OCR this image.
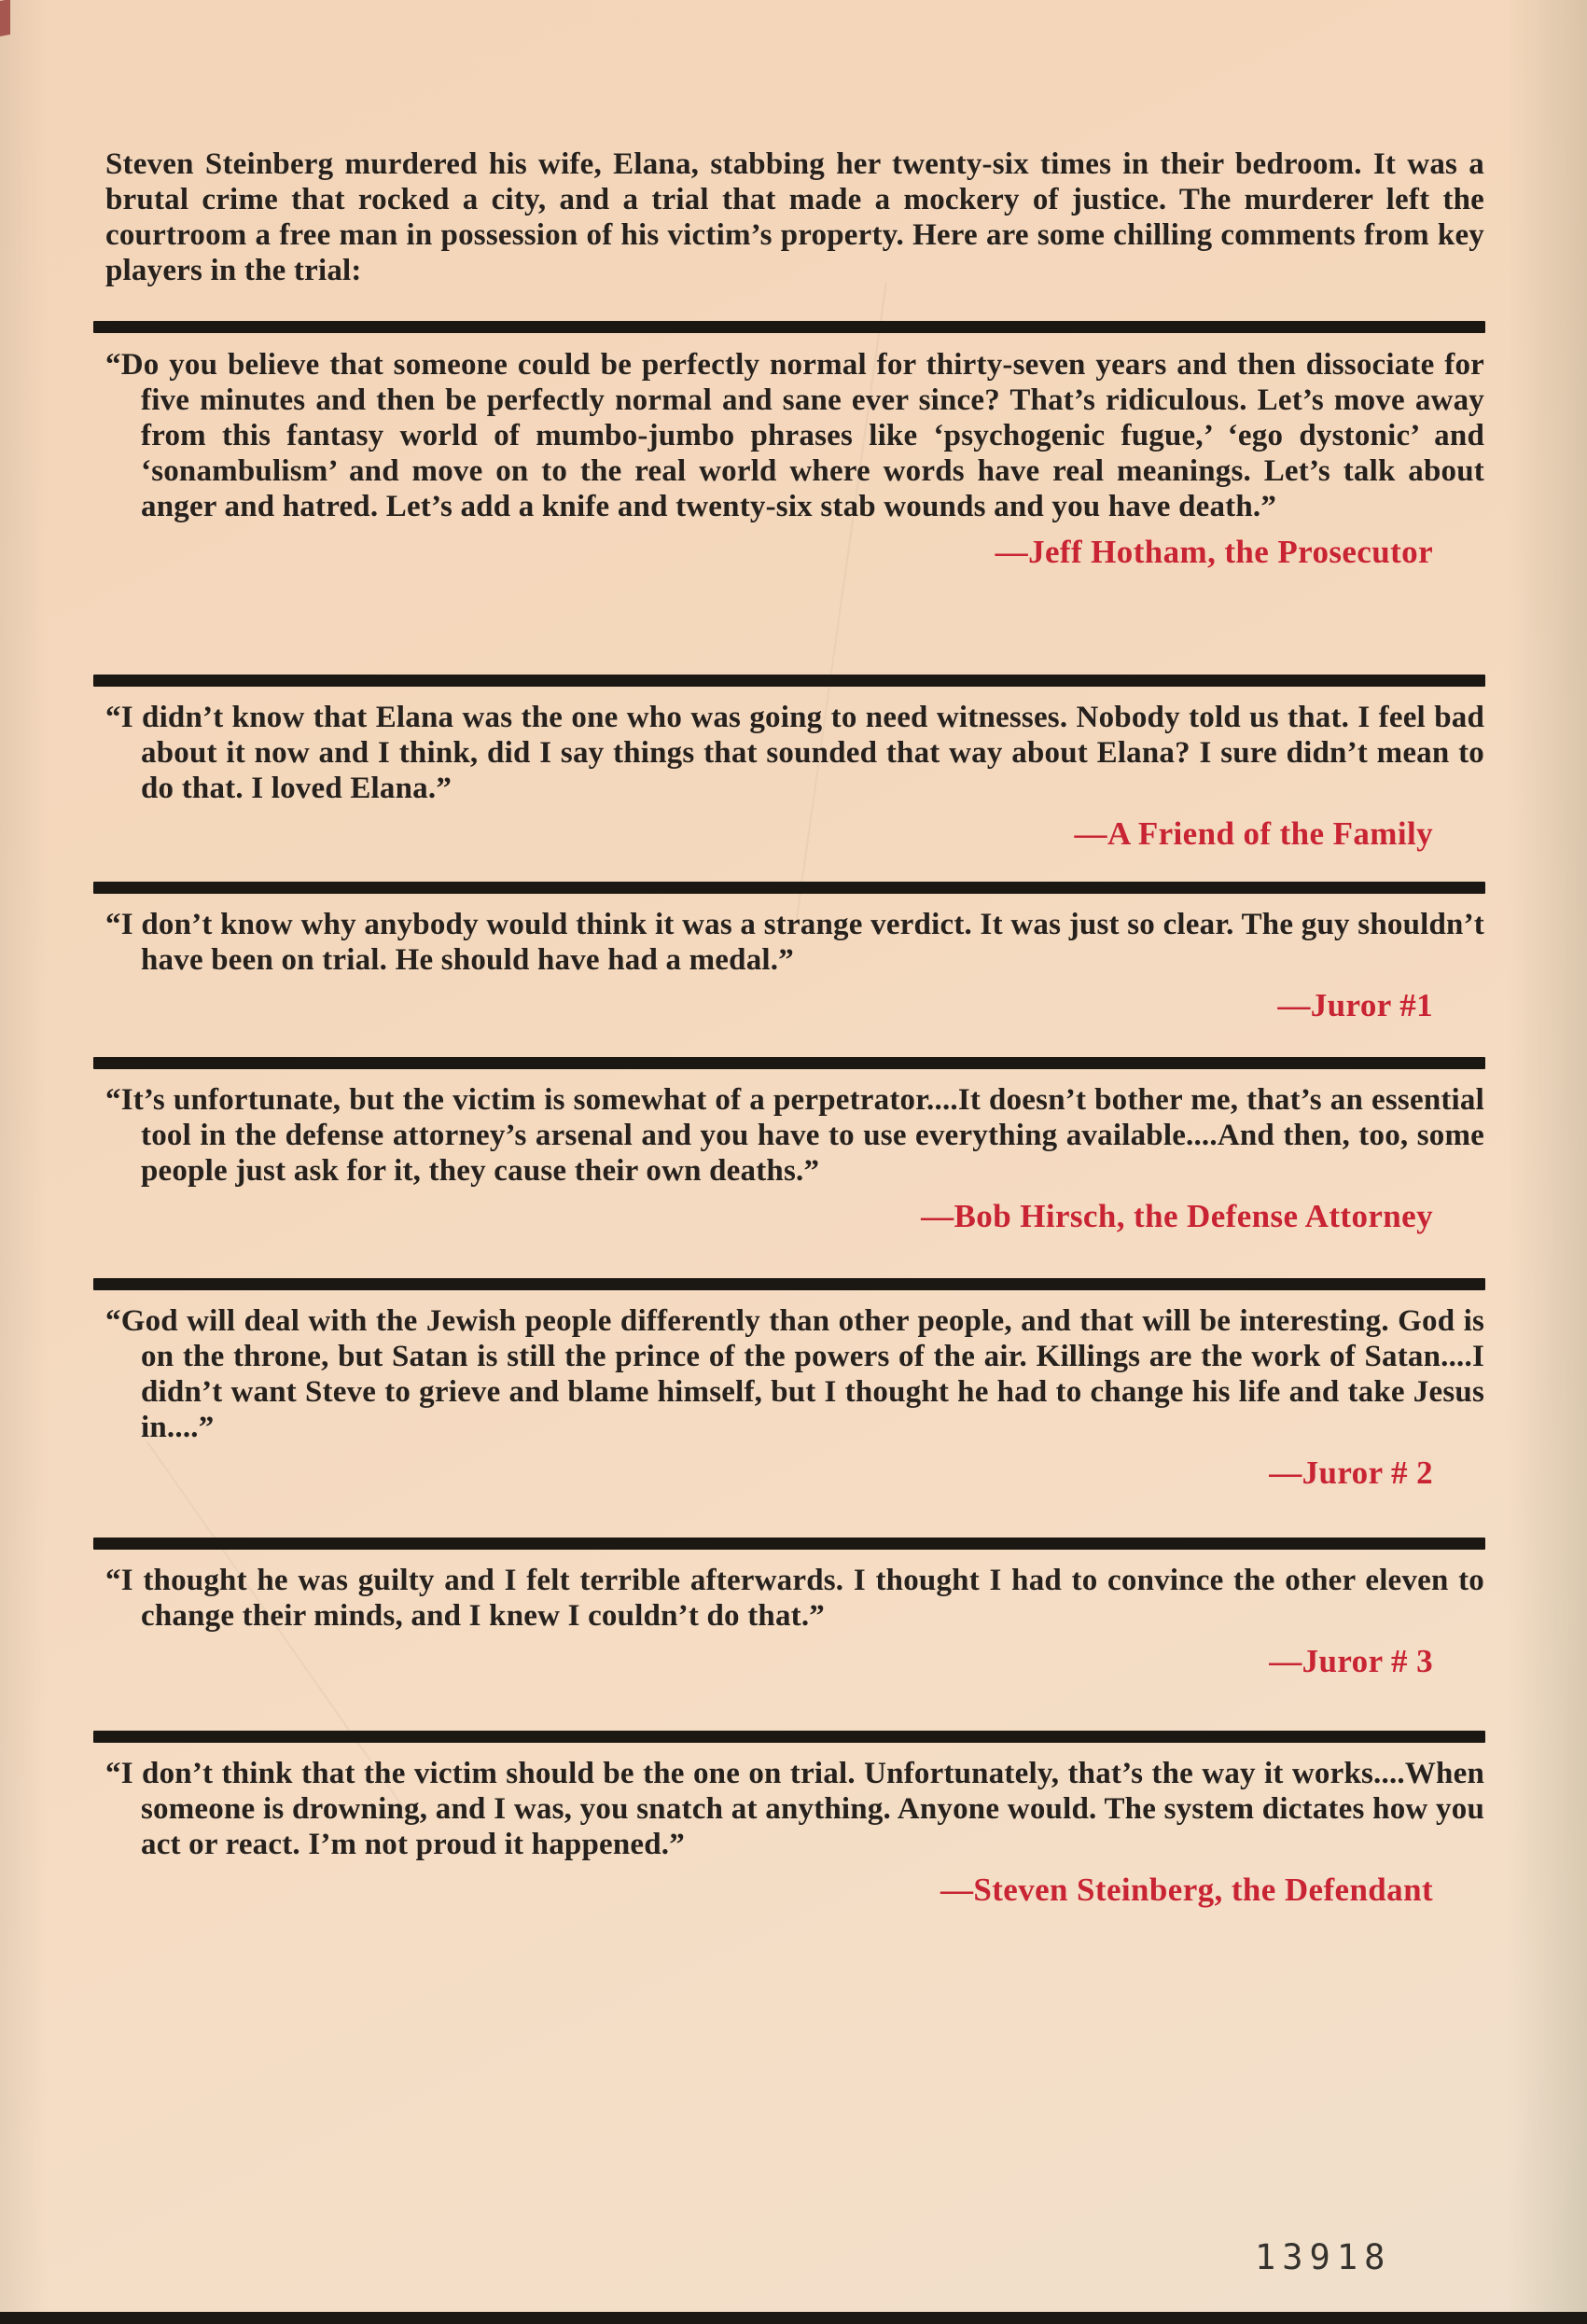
Steven Steinberg murdered his wife, Elana, stabbing her twenty-six times in their bedroom. It was a brutal crime that rocked a city, and a trial that made a mockery of justice. The murderer left the courtroom a free man in possession of his victim’s property. Here are some chilling comments from key players in the trial:

“Do you believe that someone could be perfectly normal for thirty-seven years and then dissociate for five minutes and then be perfectly normal and sane ever since? That’s ridiculous. Let’s move away from this fantasy world of mumbo-jumbo phrases like ‘psychogenic fugue,’ ‘ego dystonic’ and ‘sonambulism’ and move on to the real world where words have real meanings. Let’s talk about anger and hatred. Let’s add a knife and twenty-six stab wounds and you have death.”

—Jeff Hotham, the Prosecutor

“I didn’t know that Elana was the one who was going to need witnesses. Nobody told us that. I feel bad about it now and I think, did I say things that sounded that way about Elana? I sure didn’t mean to do that. I loved Elana.”

—A Friend of the Family

“I don’t know why anybody would think it was a strange verdict. It was just so clear. The guy shouldn’t have been on trial. He should have had a medal.”

—Juror #1

“It’s unfortunate, but the victim is somewhat of a perpetrator....It doesn’t bother me, that’s an essential tool in the defense attorney’s arsenal and you have to use everything available....And then, too, some people just ask for it, they cause their own deaths.”

—Bob Hirsch, the Defense Attorney

“God will deal with the Jewish people differently than other people, and that will be interesting. God is on the throne, but Satan is still the prince of the powers of the air. Killings are the work of Satan....I didn’t want Steve to grieve and blame himself, but I thought he had to change his life and take Jesus in....”

—Juror # 2

“I thought he was guilty and I felt terrible afterwards. I thought I had to convince the other eleven to change their minds, and I knew I couldn’t do that.”

—Juror # 3

“I don’t think that the victim should be the one on trial. Unfortunately, that’s the way it works....When someone is drowning, and I was, you snatch at anything. Anyone would. The system dictates how you act or react. I’m not proud it happened.”

—Steven Steinberg, the Defendant
13918
